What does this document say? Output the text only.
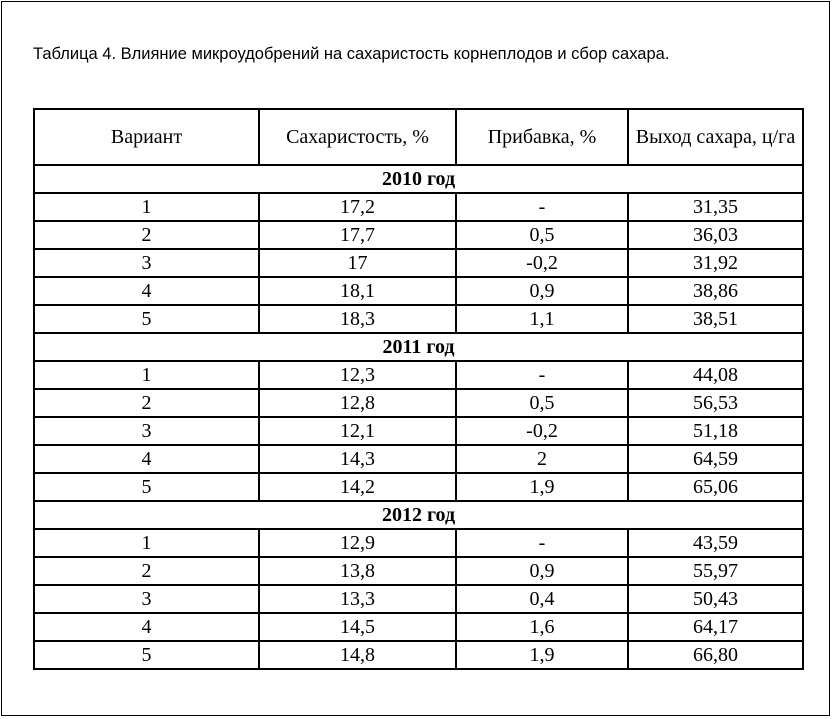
Таблица 4. Влияние микроудобрений на сахаристость корнеплодов и сбор сахара.
Вариант	Сахаристость, %	Прибавка, %	Выход сахара, ц/га
2010 год			
1	17,2	-	31,35
2	17,7	0,5	36,03
3	17	-0,2	31,92
4	18,1	0,9	38,86
5	18,3	1,1	38,51
2011 год			
1	12,3	-	44,08
2	12,8	0,5	56,53
3	12,1	-0,2	51,18
4	14,3	2	64,59
5	14,2	1,9	65,06
2012 год			
1	12,9	-	43,59
2	13,8	0,9	55,97
3	13,3	0,4	50,43
4	14,5	1,6	64,17
5	14,8	1,9	66,80
